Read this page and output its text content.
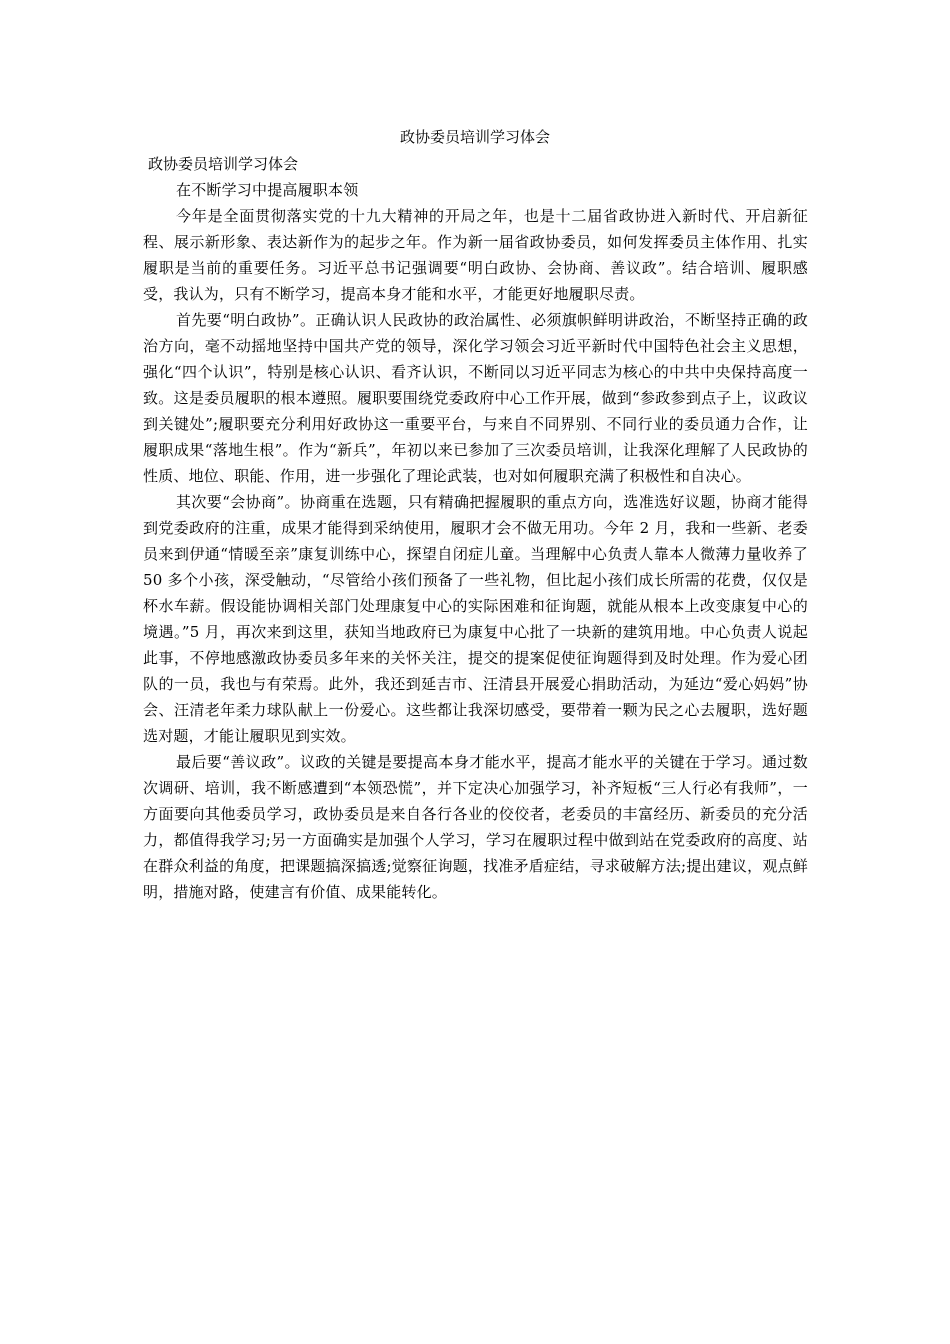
政协委员培训学习体会

政协委员培训学习体会

在不断学习中提高履职本领

今年是全面贯彻落实党的十九大精神的开局之年，也是十二届省政协进入新时代、开启新征程、展示新形象、表达新作为的起步之年。作为新一届省政协委员，如何发挥委员主体作用、扎实履职是当前的重要任务。习近平总书记强调要“明白政协、会协商、善议政”。结合培训、履职感受，我认为，只有不断学习，提高本身才能和水平，才能更好地履职尽责。

首先要“明白政协”。正确认识人民政协的政治属性、必须旗帜鲜明讲政治，不断坚持正确的政治方向，毫不动摇地坚持中国共产党的领导，深化学习领会习近平新时代中国特色社会主义思想，强化“四个认识”，特别是核心认识、看齐认识，不断同以习近平同志为核心的中共中央保持高度一致。这是委员履职的根本遵照。履职要围绕党委政府中心工作开展，做到“参政参到点子上，议政议到关键处”;履职要充分利用好政协这一重要平台，与来自不同界别、不同行业的委员通力合作，让履职成果“落地生根”。作为“新兵”，年初以来已参加了三次委员培训，让我深化理解了人民政协的性质、地位、职能、作用，进一步强化了理论武装，也对如何履职充满了积极性和自决心。

其次要“会协商”。协商重在选题，只有精确把握履职的重点方向，选准选好议题，协商才能得到党委政府的注重，成果才能得到采纳使用，履职才会不做无用功。今年 2 月，我和一些新、老委员来到伊通“情暖至亲”康复训练中心，探望自闭症儿童。当理解中心负责人靠本人微薄力量收养了 50 多个小孩，深受触动，“尽管给小孩们预备了一些礼物，但比起小孩们成长所需的花费，仅仅是杯水车薪。假设能协调相关部门处理康复中心的实际困难和征询题，就能从根本上改变康复中心的境遇。”5 月，再次来到这里，获知当地政府已为康复中心批了一块新的建筑用地。中心负责人说起此事，不停地感激政协委员多年来的关怀关注，提交的提案促使征询题得到及时处理。作为爱心团队的一员，我也与有荣焉。此外，我还到延吉市、汪清县开展爱心捐助活动，为延边“爱心妈妈”协会、汪清老年柔力球队献上一份爱心。这些都让我深切感受，要带着一颗为民之心去履职，选好题选对题，才能让履职见到实效。

最后要“善议政”。议政的关键是要提高本身才能水平，提高才能水平的关键在于学习。通过数次调研、培训，我不断感遭到“本领恐慌”，并下定决心加强学习，补齐短板“三人行必有我师”，一方面要向其他委员学习，政协委员是来自各行各业的佼佼者，老委员的丰富经历、新委员的充分活力，都值得我学习;另一方面确实是加强个人学习，学习在履职过程中做到站在党委政府的高度、站在群众利益的角度，把课题搞深搞透;觉察征询题，找准矛盾症结，寻求破解方法;提出建议，观点鲜明，措施对路，使建言有价值、成果能转化。
